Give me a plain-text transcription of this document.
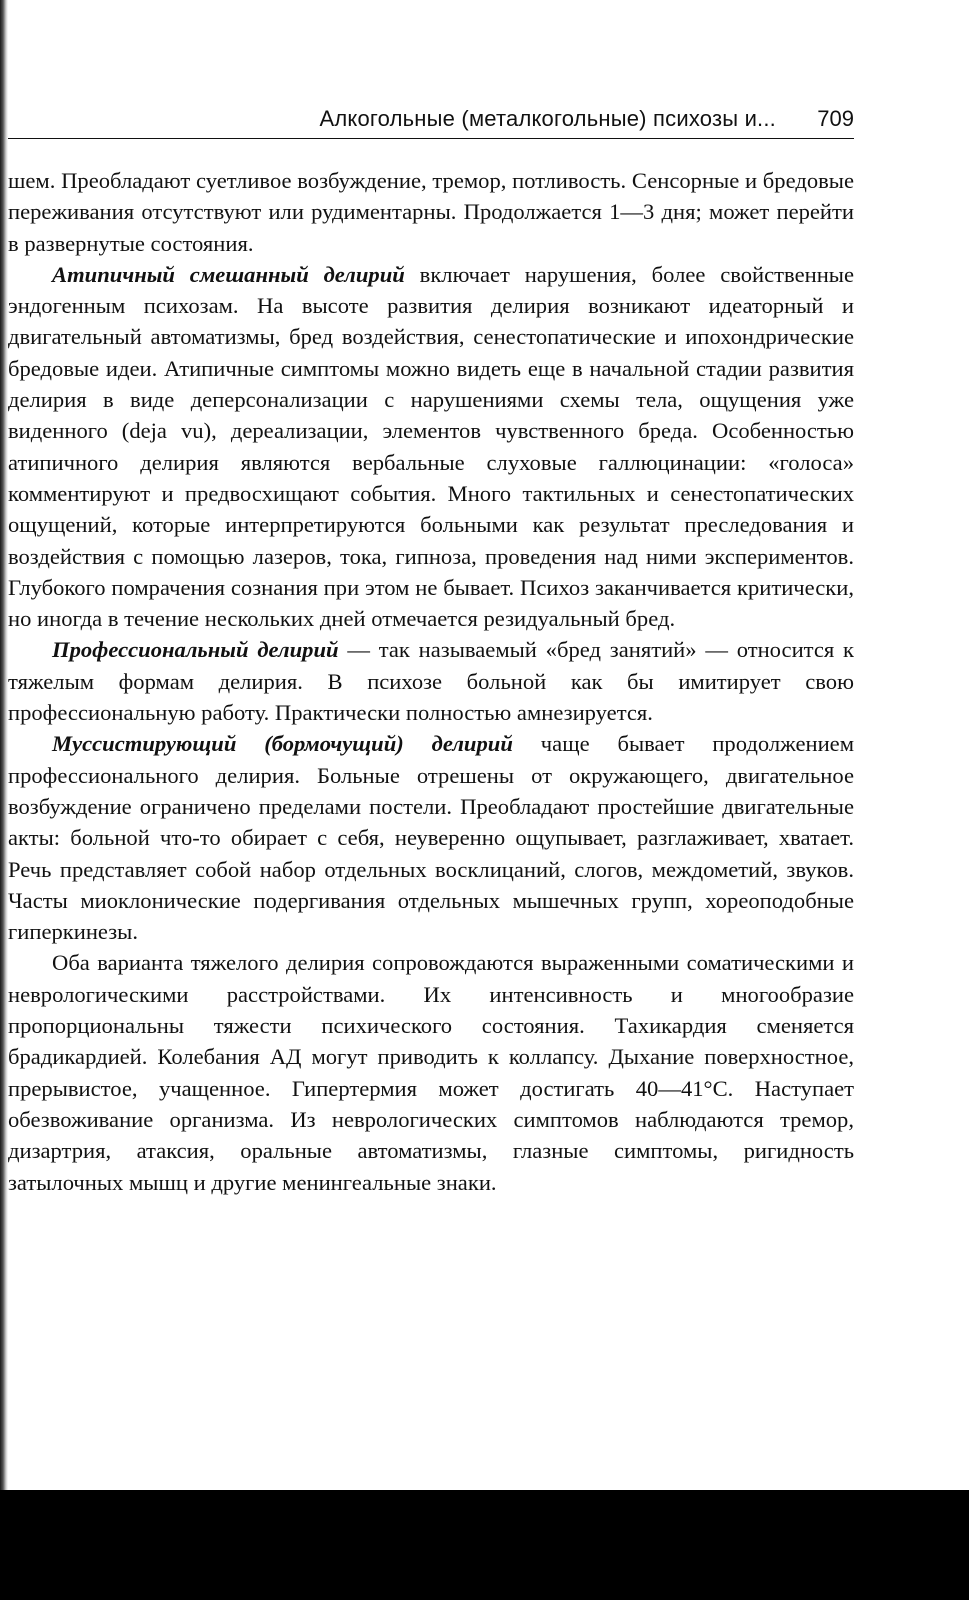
Алкогольные (металкогольные) психозы и... 709

шем. Преобладают суетливое возбуждение, тремор, потливость. Сенсорные и бредовые переживания отсутствуют или рудиментарны. Продолжается 1—3 дня; может перейти в развернутые состояния.

Атипичный смешанный делирий включает нарушения, более свойственные эндогенным психозам. На высоте развития делирия возникают идеаторный и двигательный автоматизмы, бред воздействия, сенестопатические и ипохондрические бредовые идеи. Атипичные симптомы можно видеть еще в начальной стадии развития делирия в виде деперсонализации с нарушениями схемы тела, ощущения уже виденного (deja vu), дереализации, элементов чувственного бреда. Особенностью атипичного делирия являются вербальные слуховые галлюцинации: «голоса» комментируют и предвосхищают события. Много тактильных и сенестопатических ощущений, которые интерпретируются больными как результат преследования и воздействия с помощью лазеров, тока, гипноза, проведения над ними экспериментов. Глубокого помрачения сознания при этом не бывает. Психоз заканчивается критически, но иногда в течение нескольких дней отмечается резидуальный бред.

Профессиональный делирий — так называемый «бред занятий» — относится к тяжелым формам делирия. В психозе больной как бы имитирует свою профессиональную работу. Практически полностью амнезируется.

Муссистирующий (бормочущий) делирий чаще бывает продолжением профессионального делирия. Больные отрешены от окружающего, двигательное возбуждение ограничено пределами постели. Преобладают простейшие двигательные акты: больной что-то обирает с себя, неуверенно ощупывает, разглаживает, хватает. Речь представляет собой набор отдельных восклицаний, слогов, междометий, звуков. Часты миоклонические подергивания отдельных мышечных групп, хореоподобные гиперкинезы.

Оба варианта тяжелого делирия сопровождаются выраженными соматическими и неврологическими расстройствами. Их интенсивность и многообразие пропорциональны тяжести психического состояния. Тахикардия сменяется брадикардией. Колебания АД могут приводить к коллапсу. Дыхание поверхностное, прерывистое, учащенное. Гипертермия может достигать 40—41°С. Наступает обезвоживание организма. Из неврологических симптомов наблюдаются тремор, дизартрия, атаксия, оральные автоматизмы, глазные симптомы, ригидность затылочных мышц и другие менингеальные знаки.
